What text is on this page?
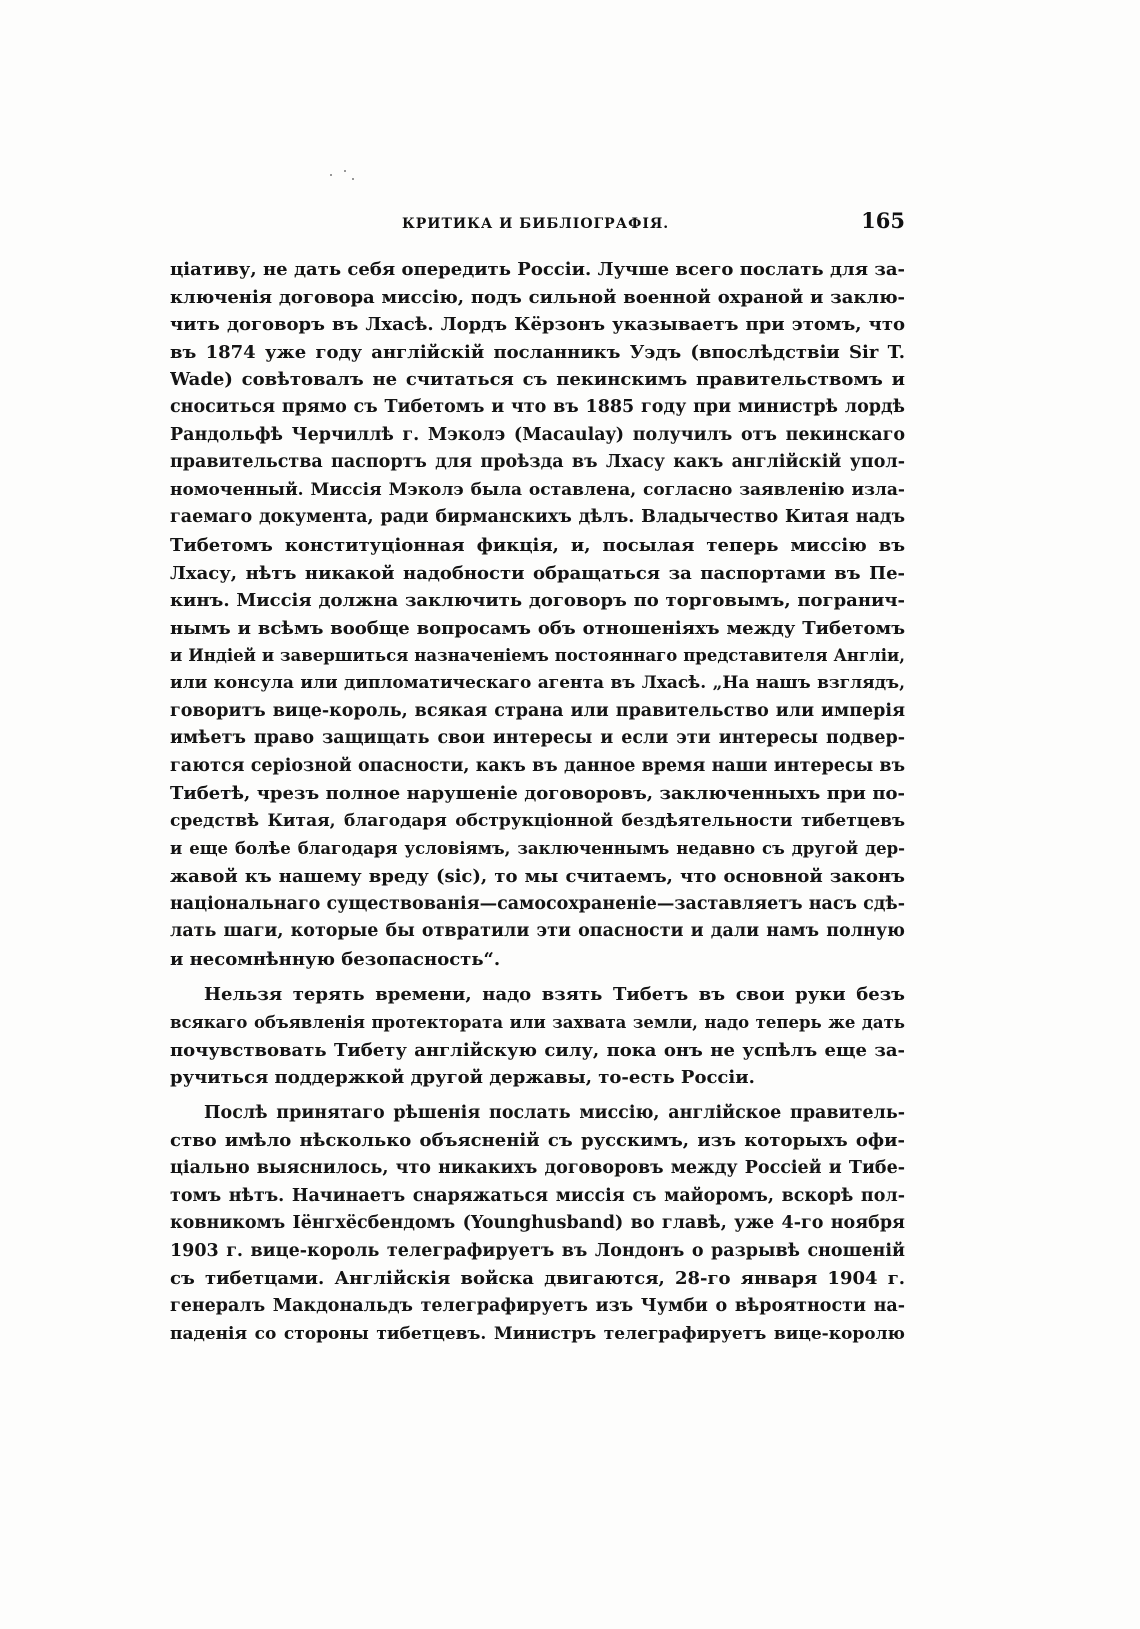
КРИТИКА И БИБЛІОГРАФІЯ.	165
ціативу, не дать себя опередить Россіи. Лучше всего послать для за-
ключенія договора миссію, подъ сильной военной охраной и заклю-
чить договоръ въ Лхасѣ. Лордъ Кёрзонъ указываетъ при этомъ, что
въ 1874 уже году англійскій посланникъ Уэдъ (впослѣдствіи Sir T.
Wade) совѣтовалъ не считаться съ пекинскимъ правительствомъ и
сноситься прямо съ Тибетомъ и что въ 1885 году при министрѣ лордѣ
Рандольфѣ Черчиллѣ г. Мэколэ (Macaulay) получилъ отъ пекинскаго
правительства паспортъ для проѣзда въ Лхасу какъ англійскій упол-
номоченный. Миссія Мэколэ была оставлена, согласно заявленію изла-
гаемаго документа, ради бирманскихъ дѣлъ. Владычество Китая надъ
Тибетомъ конституціонная фикція, и, посылая теперь миссію въ
Лхасу, нѣтъ никакой надобности обращаться за паспортами въ Пе-
кинъ. Миссія должна заключить договоръ по торговымъ, погранич-
нымъ и всѣмъ вообще вопросамъ объ отношеніяхъ между Тибетомъ
и Индіей и завершиться назначеніемъ постояннаго представителя Англіи,
или консула или дипломатическаго агента въ Лхасѣ. „На нашъ взглядъ,
говоритъ вице-король, всякая страна или правительство или имперія
имѣетъ право защищать свои интересы и если эти интересы подвер-
гаются серіозной опасности, какъ въ данное время наши интересы въ
Тибетѣ, чрезъ полное нарушеніе договоровъ, заключенныхъ при по-
средствѣ Китая, благодаря обструкціонной бездѣятельности тибетцевъ
и еще болѣе благодаря условіямъ, заключеннымъ недавно съ другой дер-
жавой къ нашему вреду (sic), то мы считаемъ, что основной законъ
національнаго существованія—самосохраненіе—заставляетъ насъ сдѣ-
лать шаги, которые бы отвратили эти опасности и дали намъ полную
и несомнѣнную безопасность“.
Нельзя терять времени, надо взять Тибетъ въ свои руки безъ
всякаго объявленія протектората или захвата земли, надо теперь же дать
почувствовать Тибету англійскую силу, пока онъ не успѣлъ еще за-
ручиться поддержкой другой державы, то-есть Россіи.
Послѣ принятаго рѣшенія послать миссію, англійское правитель-
ство имѣло нѣсколько объясненій съ русскимъ, изъ которыхъ офи-
ціально выяснилось, что никакихъ договоровъ между Россіей и Тибе-
томъ нѣтъ. Начинаетъ снаряжаться миссія съ майоромъ, вскорѣ пол-
ковникомъ Іёнгхёсбендомъ (Younghusband) во главѣ, уже 4-го ноября
1903 г. вице-король телеграфируетъ въ Лондонъ о разрывѣ сношеній
съ тибетцами. Англійскія войска двигаются, 28-го января 1904 г.
генералъ Макдональдъ телеграфируетъ изъ Чумби о вѣроятности на-
паденія со стороны тибетцевъ. Министръ телеграфируетъ вице-королю
